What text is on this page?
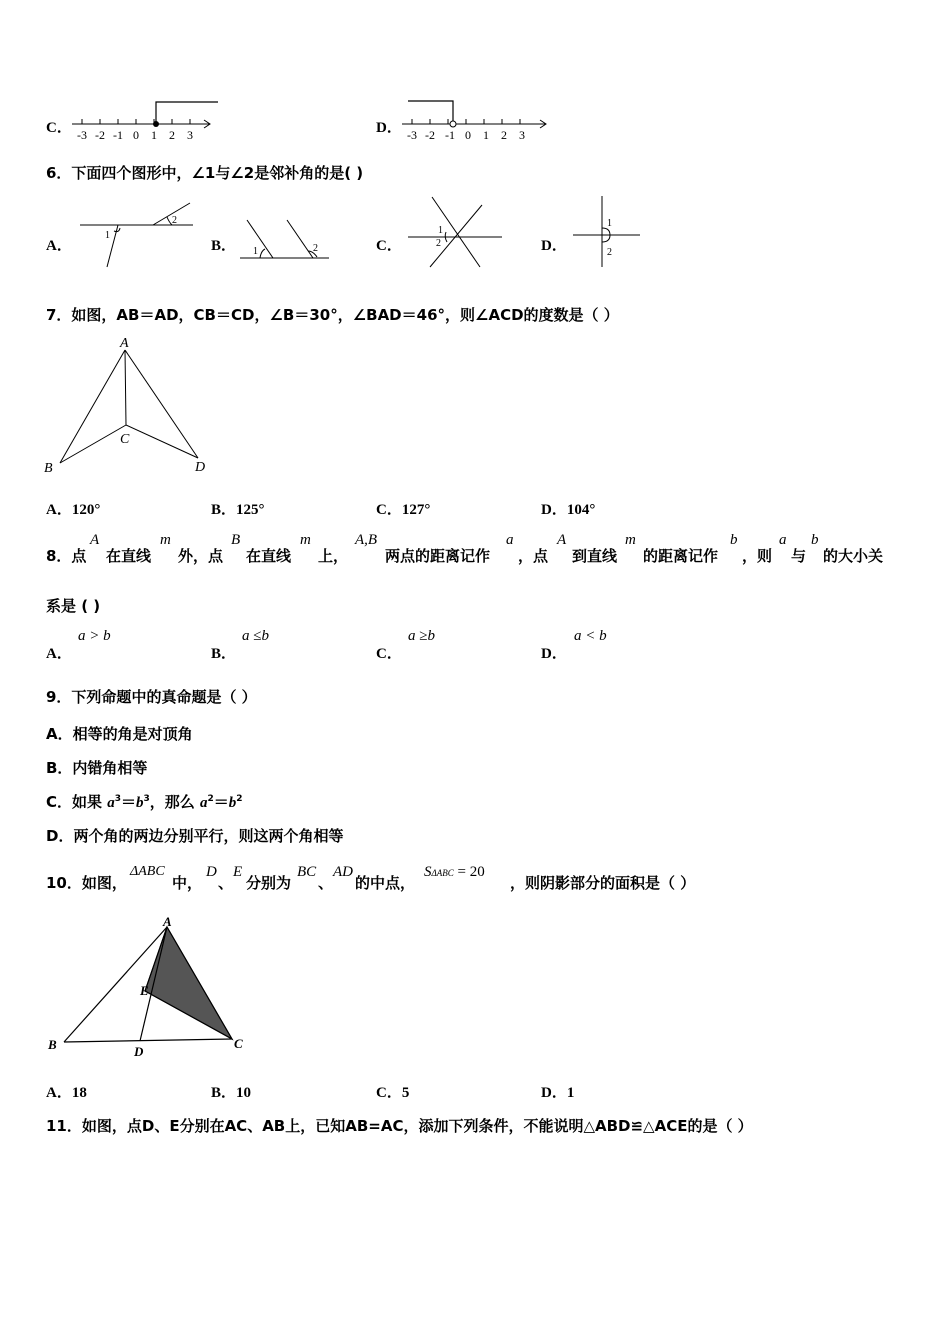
C． -3 -2 -1 0 1 2 3	D． -3 -2 -1 0 1 2 3
6．下面四个图形中，∠1与∠2是邻补角的是( )
A．
1
2
B． 1	2	C．
1
2	D．
1
2
7．如图，AB＝AD，CB＝CD，∠B＝30°，∠BAD＝46°，则∠ACD的度数是（ ）
A
B
C
D
A．120°	B．125°	C．127°	D．104°
8．点
A
在直线
m
外，点
B
在直线
m
上，
A,B
两点的距离记作
a
，点
A
到直线
m
的距离记作
b
，则
a
与
b
的大小关
系是 ( )
A．
a > b
B．
a ≤b
C．
a ≥b
D．
a < b
9．下列命题中的真命题是（ ）
A．相等的角是对顶角
B．内错角相等
C．如果 $a^3=b^3$，那么 $a^2=b^2$
D．两个角的两边分别平行，则这两个角相等
10．如图，
ΔABC
中，
D
、
E
分别为
BC
、
AD
的中点，
SΔABC = 20
，则阴影部分的面积是（ ）
A
E
B	D
C
A．18	B．10	C．5	D．1
11．如图，点D、E分别在AC、AB上，已知AB=AC，添加下列条件，不能说明△ABD≌△ACE的是（ ）
